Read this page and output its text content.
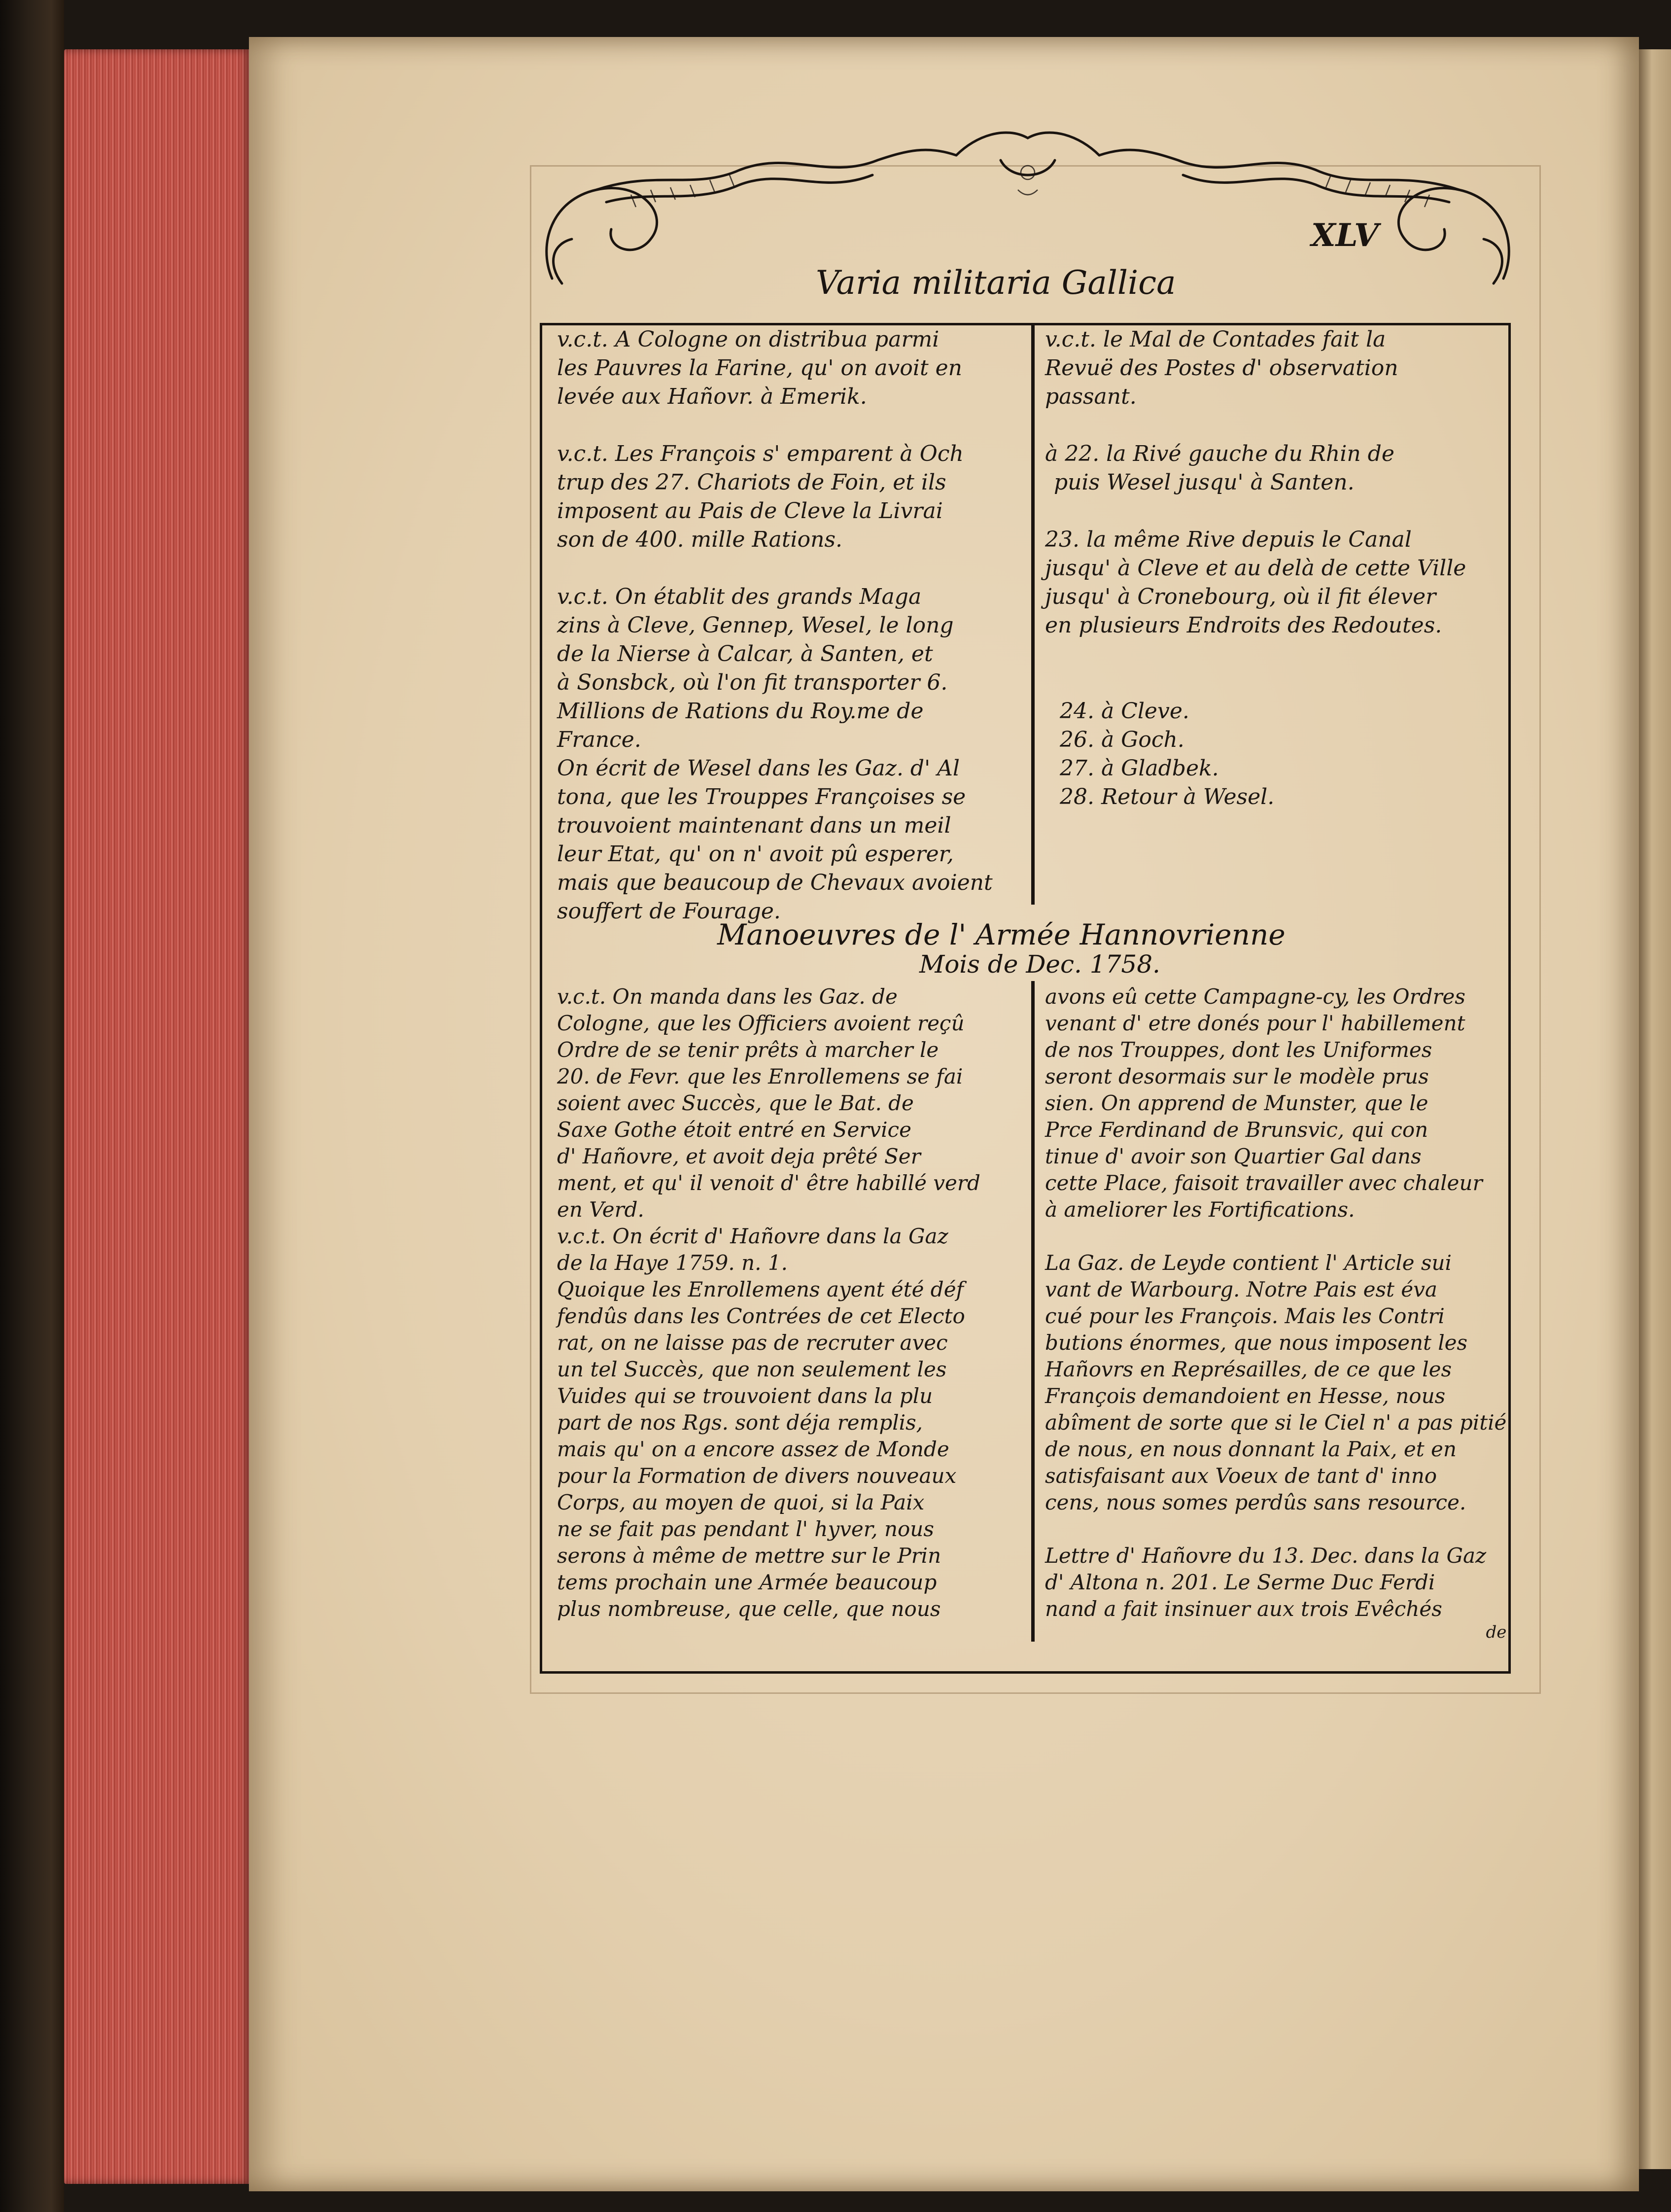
XLV
Varia militaria Gallica

v.c.t. A Cologne on distribua parmi

les Pauvres la Farine, qu' on avoit en

levée aux Hañovr. à Emerik.

v.c.t. Les François s' emparent à Och

trup des 27. Chariots de Foin, et ils

imposent au Pais de Cleve la Livrai

son de 400. mille Rations.

v.c.t. On établit des grands Maga

zins à Cleve, Gennep, Wesel, le long

de la Nierse à Calcar, à Santen, et

à Sonsbck, où l'on fit transporter 6.

Millions de Rations du Roy.me de

France.

On écrit de Wesel dans les Gaz. d' Al

tona, que les Trouppes Françoises se

trouvoient maintenant dans un meil

leur Etat, qu' on n' avoit pû esperer,

mais que beaucoup de Chevaux avoient

souffert de Fourage.

v.c.t. le Mal de Contades fait la

Revuë des Postes d' observation

passant.

à 22. la Rivé gauche du Rhin de

puis Wesel jusqu' à Santen.

23. la même Rive depuis le Canal

jusqu' à Cleve et au delà de cette Ville

jusqu' à Cronebourg, où il fit élever

en plusieurs Endroits des Redoutes.

24. à Cleve.

26. à Goch.

27. à Gladbek.

28. Retour à Wesel.

Manoeuvres de l' Armée Hannovrienne
Mois de Dec. 1758.

v.c.t. On manda dans les Gaz. de

Cologne, que les Officiers avoient reçû

Ordre de se tenir prêts à marcher le

20. de Fevr. que les Enrollemens se fai

soient avec Succès, que le Bat. de

Saxe Gothe étoit entré en Service

d' Hañovre, et avoit deja prêté Ser

ment, et qu' il venoit d' être habillé verd

en Verd.

v.c.t. On écrit d' Hañovre dans la Gaz

de la Haye 1759. n. 1.

Quoique les Enrollemens ayent été déf

fendûs dans les Contrées de cet Electo

rat, on ne laisse pas de recruter avec

un tel Succès, que non seulement les

Vuides qui se trouvoient dans la plu

part de nos Rgs. sont déja remplis,

mais qu' on a encore assez de Monde

pour la Formation de divers nouveaux

Corps, au moyen de quoi, si la Paix

ne se fait pas pendant l' hyver, nous

serons à même de mettre sur le Prin

tems prochain une Armée beaucoup

plus nombreuse, que celle, que nous

avons eû cette Campagne-cy, les Ordres

venant d' etre donés pour l' habillement

de nos Trouppes, dont les Uniformes

seront desormais sur le modèle prus

sien. On apprend de Munster, que le

Prce Ferdinand de Brunsvic, qui con

tinue d' avoir son Quartier Gal dans

cette Place, faisoit travailler avec chaleur

à ameliorer les Fortifications.

La Gaz. de Leyde contient l' Article sui

vant de Warbourg. Notre Pais est éva

cué pour les François. Mais les Contri

butions énormes, que nous imposent les

Hañovrs en Représailles, de ce que les

François demandoient en Hesse, nous

abîment de sorte que si le Ciel n' a pas pitié

de nous, en nous donnant la Paix, et en

satisfaisant aux Voeux de tant d' inno

cens, nous somes perdûs sans resource.

Lettre d' Hañovre du 13. Dec. dans la Gaz

d' Altona n. 201. Le Serme Duc Ferdi

nand a fait insinuer aux trois Evêchés

de
